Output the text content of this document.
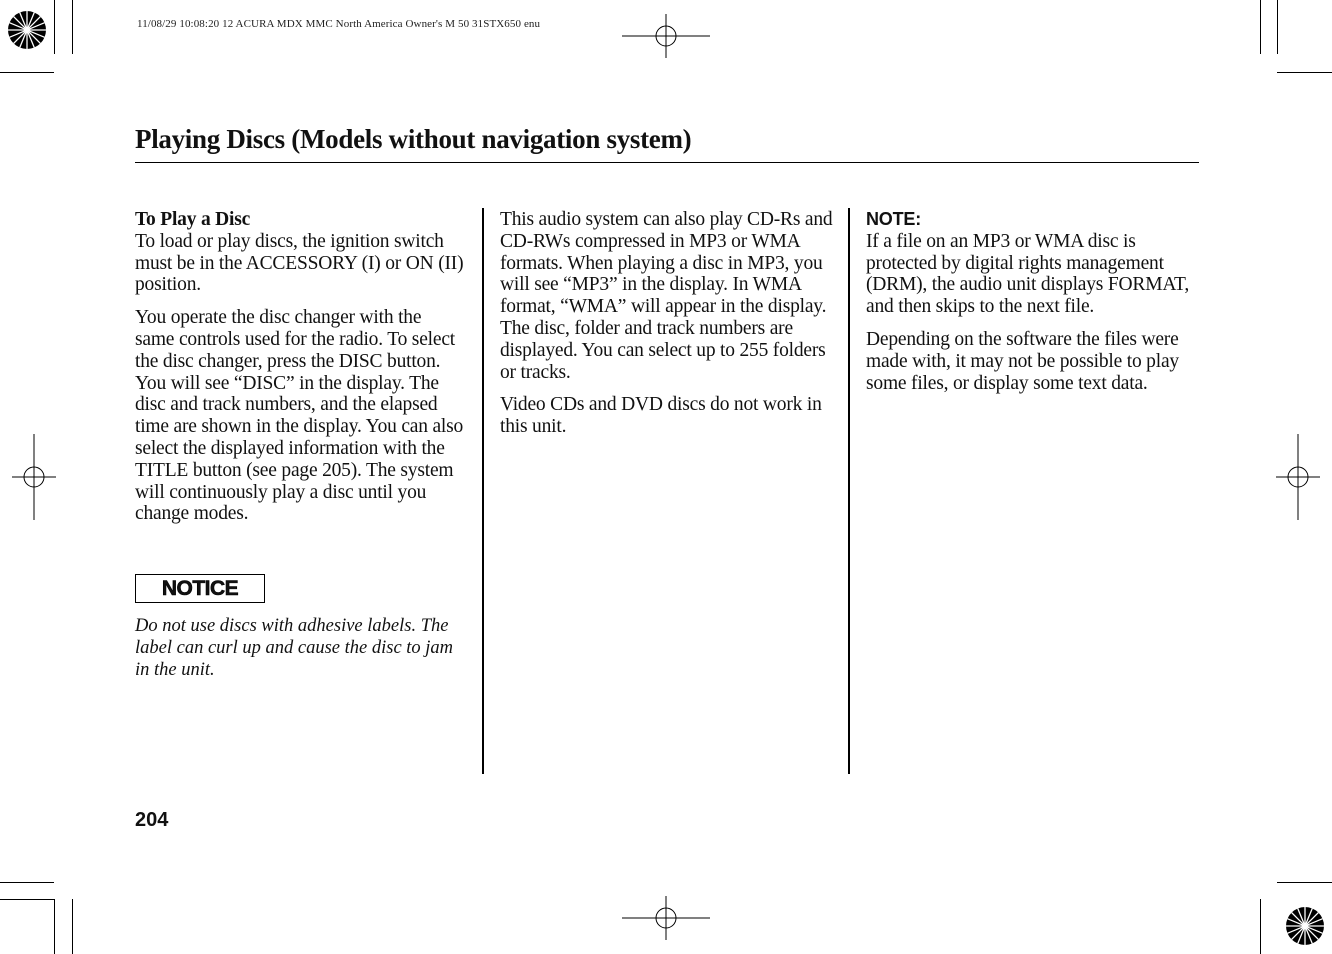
11/08/29 10:08:20 12 ACURA MDX MMC North America Owner's M 50 31STX650 enu
Playing Discs (Models without navigation system)
To Play a Disc

To load or play discs, the ignition switch must be in the ACCESSORY (I) or ON (II) position.

You operate the disc changer with the same controls used for the radio. To select the disc changer, press the DISC button. You will see “DISC” in the display. The disc and track numbers, and the elapsed time are shown in the display. You can also select the displayed information with the TITLE button (see page 205). The system will continuously play a disc until you change modes.

NOTICE
Do not use discs with adhesive labels. The label can curl up and cause the disc to jam in the unit.

This audio system can also play CD-Rs and CD-RWs compressed in MP3 or WMA formats. When playing a disc in MP3, you will see “MP3” in the display. In WMA format, “WMA” will appear in the display. The disc, folder and track numbers are displayed. You can select up to 255 folders or tracks.

Video CDs and DVD discs do not work in this unit.

NOTE:

If a file on an MP3 or WMA disc is protected by digital rights management (DRM), the audio unit displays FORMAT, and then skips to the next file.

Depending on the software the files were made with, it may not be possible to play some files, or display some text data.

204
